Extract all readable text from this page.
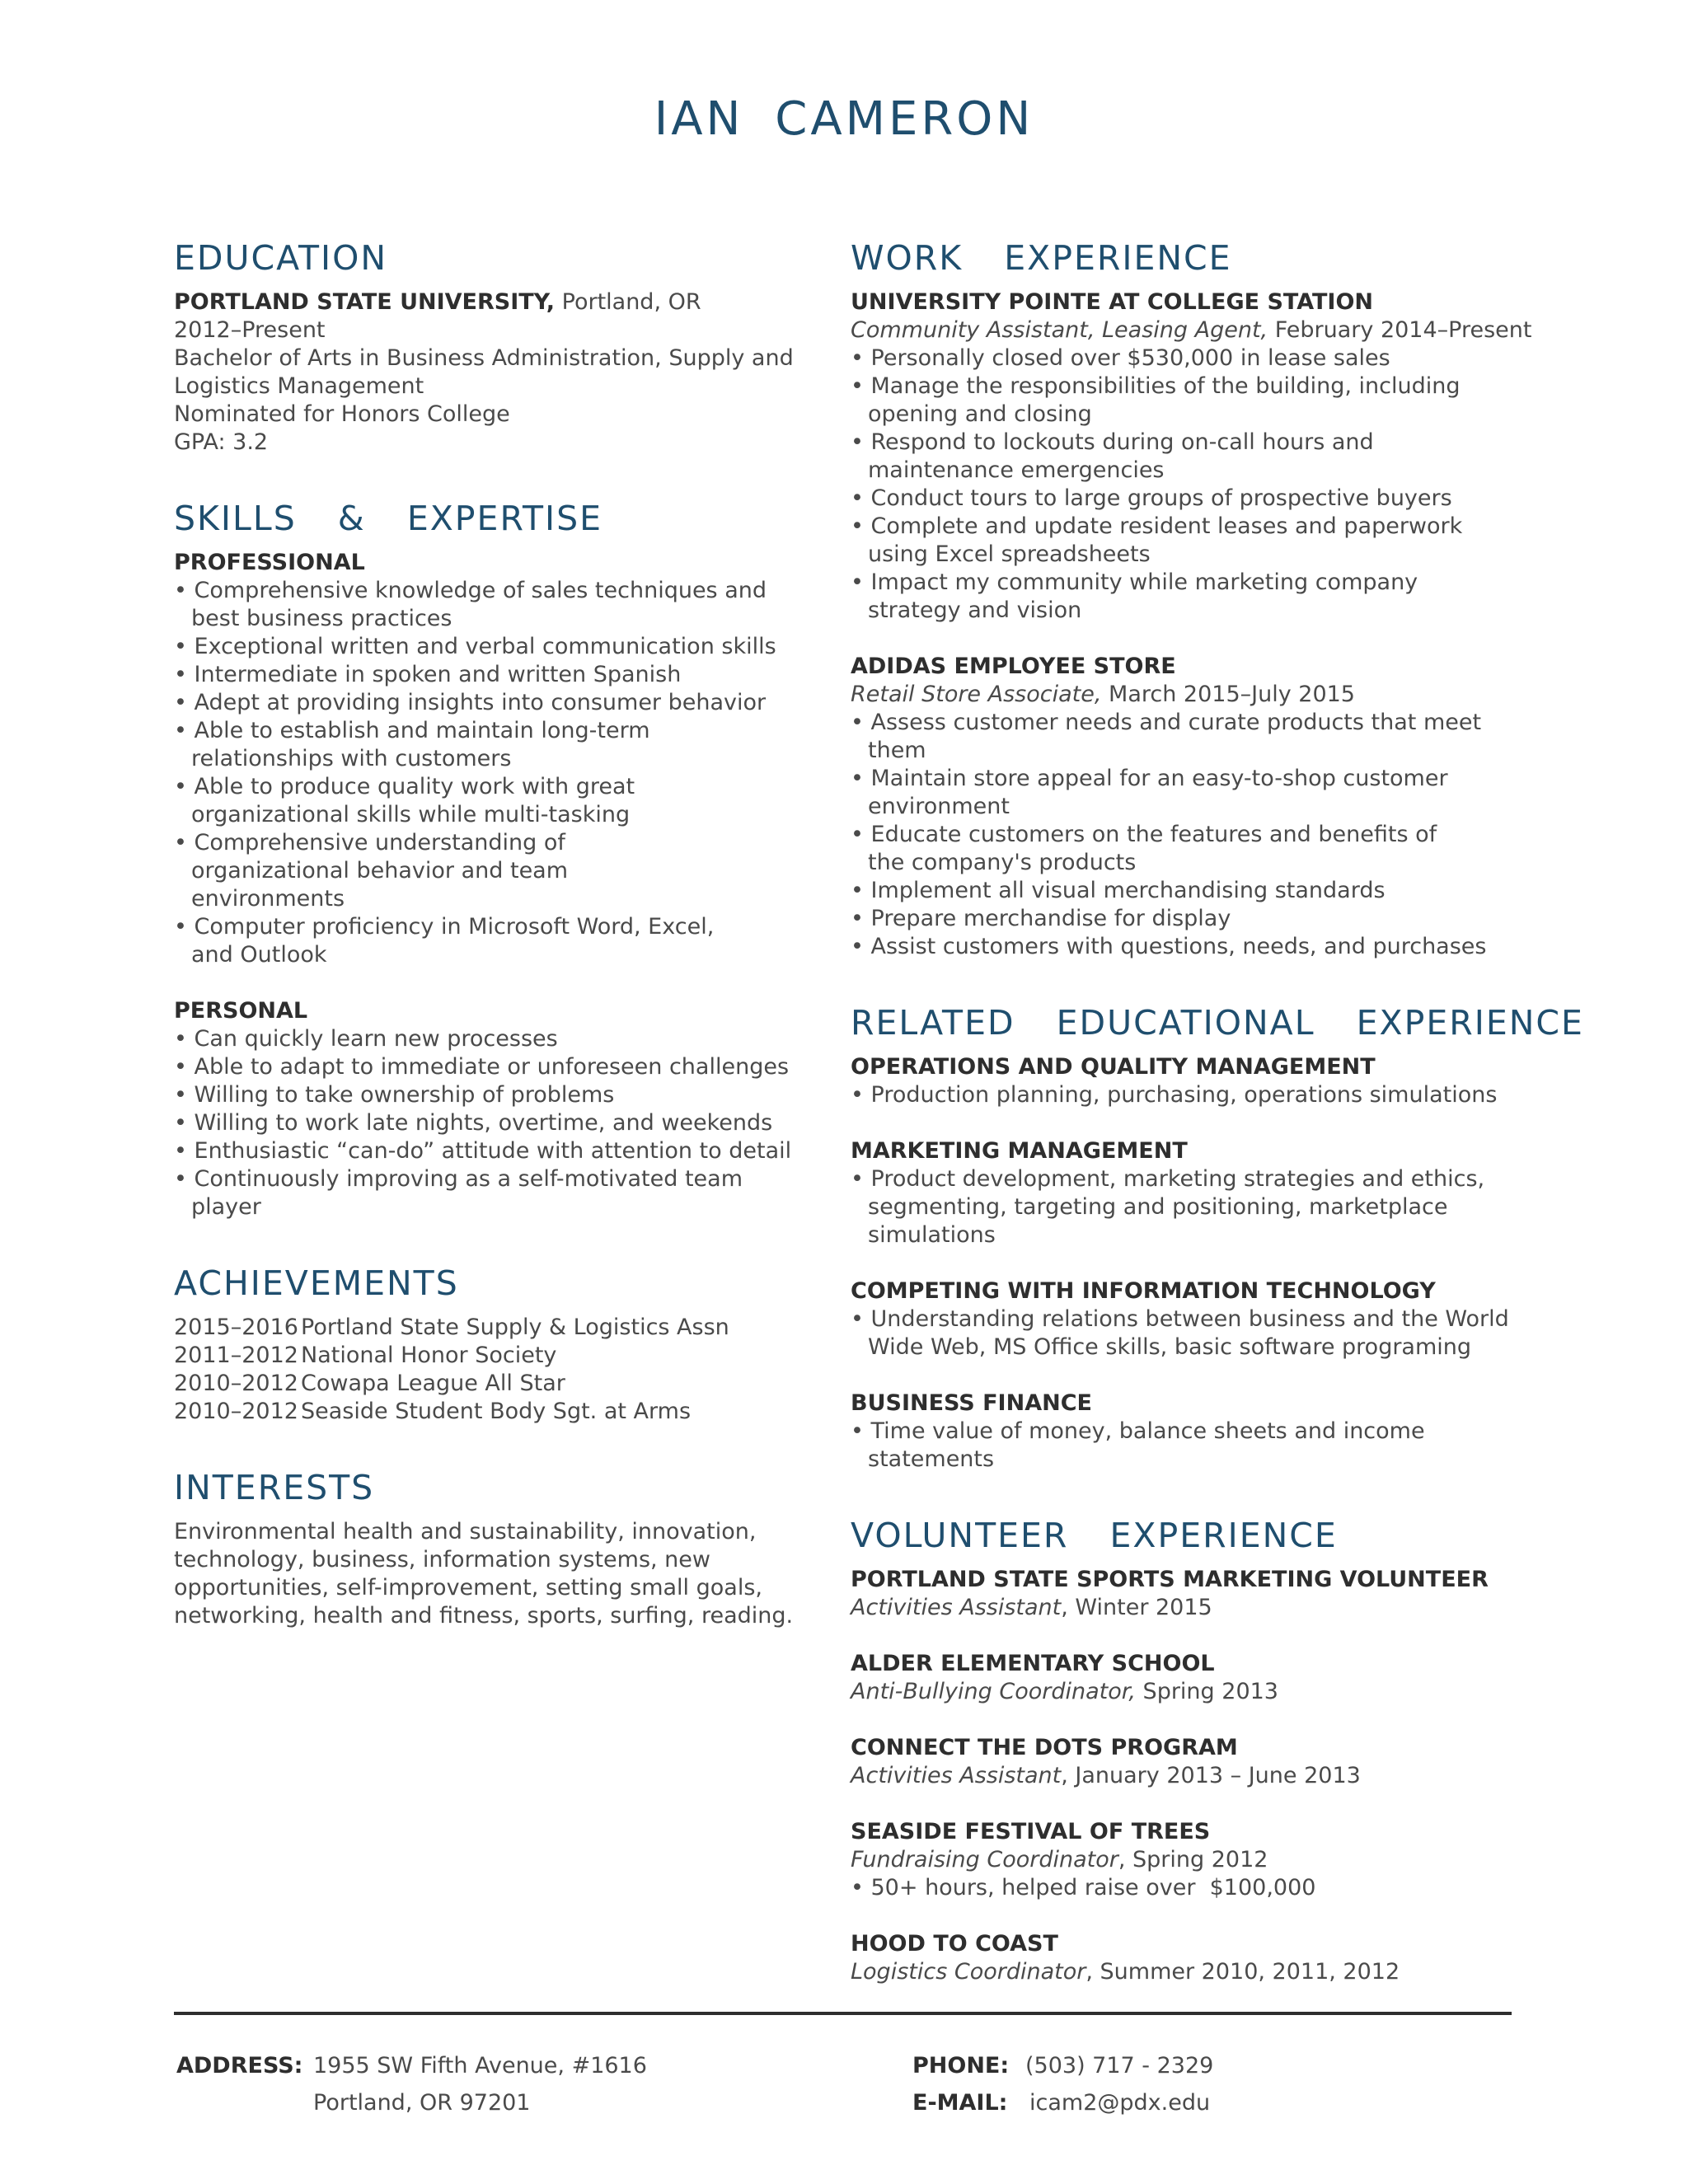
IAN CAMERON
EDUCATION
PORTLAND STATE UNIVERSITY, Portland, OR
2012–Present
Bachelor of Arts in Business Administration, Supply and
Logistics Management
Nominated for Honors College
GPA: 3.2
SKILLS  &  EXPERTISE
PROFESSIONAL
• Comprehensive knowledge of sales techniques and best business practices
• Exceptional written and verbal communication skills
• Intermediate in spoken and written Spanish
• Adept at providing insights into consumer behavior
• Able to establish and maintain long-term relationships with customers
• Able to produce quality work with great organizational skills while multi-tasking
• Comprehensive understanding of organizational behavior and team environments
• Computer proficiency in Microsoft Word, Excel, and Outlook
PERSONAL
• Can quickly learn new processes
• Able to adapt to immediate or unforeseen challenges
• Willing to take ownership of problems
• Willing to work late nights, overtime, and weekends
• Enthusiastic “can-do” attitude with attention to detail
• Continuously improving as a self-motivated team player
ACHIEVEMENTS
2015–2016 Portland State Supply & Logistics Assn
2011–2012 National Honor Society
2010–2012 Cowapa League All Star
2010–2012 Seaside Student Body Sgt. at Arms
INTERESTS
Environmental health and sustainability, innovation,
technology, business, information systems, new
opportunities, self-improvement, setting small goals,
networking, health and fitness, sports, surfing, reading.
WORK  EXPERIENCE
UNIVERSITY POINTE AT COLLEGE STATION
Community Assistant, Leasing Agent, February 2014–Present
• Personally closed over $530,000 in lease sales
• Manage the responsibilities of the building, including opening and closing
• Respond to lockouts during on-call hours and maintenance emergencies
• Conduct tours to large groups of prospective buyers
• Complete and update resident leases and paperwork using Excel spreadsheets
• Impact my community while marketing company strategy and vision
ADIDAS EMPLOYEE STORE
Retail Store Associate, March 2015–July 2015
• Assess customer needs and curate products that meet them
• Maintain store appeal for an easy-to-shop customer environment
• Educate customers on the features and benefits of the company's products
• Implement all visual merchandising standards
• Prepare merchandise for display
• Assist customers with questions, needs, and purchases
RELATED  EDUCATIONAL  EXPERIENCE
OPERATIONS AND QUALITY MANAGEMENT
• Production planning, purchasing, operations simulations
MARKETING MANAGEMENT
• Product development, marketing strategies and ethics, segmenting, targeting and positioning, marketplace simulations
COMPETING WITH INFORMATION TECHNOLOGY
• Understanding relations between business and the World Wide Web, MS Office skills, basic software programing
BUSINESS FINANCE
• Time value of money, balance sheets and income statements
VOLUNTEER  EXPERIENCE
PORTLAND STATE SPORTS MARKETING VOLUNTEER
Activities Assistant, Winter 2015
ALDER ELEMENTARY SCHOOL
Anti-Bullying Coordinator, Spring 2013
CONNECT THE DOTS PROGRAM
Activities Assistant, January 2013 – June 2013
SEASIDE FESTIVAL OF TREES
Fundraising Coordinator, Spring 2012
• 50+ hours, helped raise over  $100,000
HOOD TO COAST
Logistics Coordinator, Summer 2010, 2011, 2012
ADDRESS: 1955 SW Fifth Avenue, #1616
Portland, OR 97201
PHONE: (503) 717 - 2329
E-MAIL: icam2@pdx.edu
